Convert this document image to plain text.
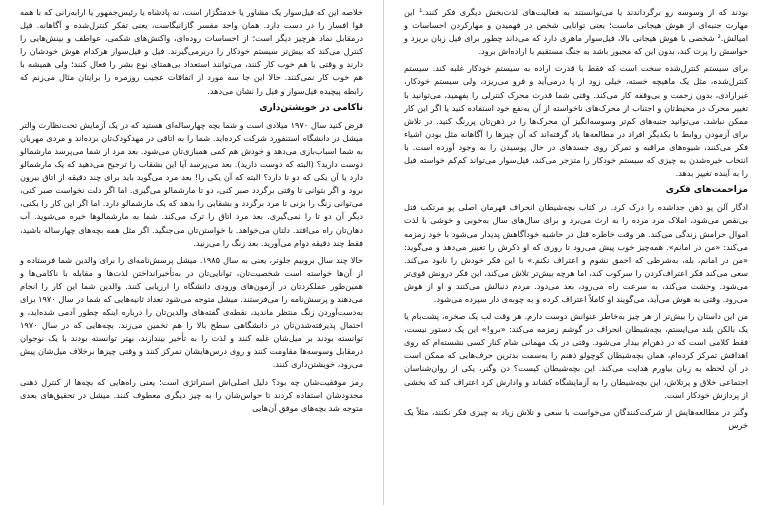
خلاصه این که فیل‌سوار یک مشاور یا خدمتگزار است، نه پادشاه یا رئیس‌جمهور یا ارابه‌رانی که با همه قوا افسار را در دست دارد. همان واحد مفسر گازانیگاست، یعنی تفکر کنترل‌شده و آگاهانه. فیل درمقابل نماد هرچیز دیگر است؛ از احساسات روده‌ای، واکنش‌های شکمی، عواطف و بینش‌هایی را کنترل می‌کند که بیش‌تر سیستم خودکار را دربرمی‌گیرند. فیل و فیل‌سوار هرکدام هوش خودشان را دارند و وقتی با هم خوب کار کنند، می‌توانند استعداد بی‌همتای نوع بشر را فعال کنند؛ ولی همیشه با هم خوب کار نمی‌کنند. حالا این جا سه مورد از اتفاقات عجیب روزمره را برایتان مثال می‌زنم که رابطه پیچیده فیل‌سوار و فیل را نشان می‌دهد.

ناکامی در خویشتن‌داری

فرض کنید سال ۱۹۷۰ میلادی است و شما بچه چهارساله‌ای هستید که در یک آزمایش تحت‌نظارت والتر میشل در دانشگاه استنفورد شرکت کرده‌اید. شما را به اتاقی در مهدکودک‌تان برده‌اند و مردی مهربان به شما اسباب‌بازی می‌دهد و خودش هم کمی همبازی‌تان می‌شود. بعد مرد از شما می‌پرسد مارشمالو دوست دارید؟ (البته که دوست دارید). بعد می‌پرسد آیا این بشقاب را ترجیح می‌دهید که یک مارشمالو دارد یا آن یکی که دو تا دارد؟ البته که آن یکی را! بعد مرد می‌گوید باید برای چند دقیقه از اتاق بیرون برود و اگر بتوانی تا وقتی برگردد صبر کنی، دو تا مارشمالو می‌گیری. اما اگر دلت نخواست صبر کنی، می‌توانی زنگ را بزنی تا مرد برگردد و بشقابی را بدهد که یک مارشمالو دارد. اما اگر این کار را بکنی، دیگر آن دو تا را نمی‌گیری. بعد مرد اتاق را ترک می‌کند. شما به مارشمالوها خیره می‌شوید. آب دهان‌تان راه می‌افتد. دلتان می‌خواهد. با خواستن‌تان می‌جنگید. اگر مثل همه بچه‌های چهارساله باشید، فقط چند دقیقه دوام می‌آورید. بعد زنگ را می‌زنید.

حالا چند سال بروبیم جلوتر، یعنی به سال ۱۹۸۵. میشل پرسش‌نامه‌ای را برای والدین شما فرستاده و از آن‌ها خواسته است شخصیت‌تان، توانایی‌تان در به‌تأخیرانداختن لذت‌ها و مقابله با ناکامی‌ها و همین‌طور عملکردتان در آزمون‌های ورودی دانشگاه را ارزیابی کنند. والدین شما این کار را انجام می‌دهند و پرسش‌نامه را می‌فرستند. میشل متوجه می‌شود تعداد ثانیه‌هایی که شما در سال ۱۹۷۰ برای به‌دست‌آوردن زنگ منتظر ماندید، نقطه‌ی گفته‌های والدین‌تان را درباره اینکه چطور آدمی شده‌اید، و احتمال پذیرفته‌شدن‌تان در دانشگاهی سطح بالا را هم تخمین می‌زند. بچه‌هایی که در سال ۱۹۷۰ توانسته بودند بر میل‌شان غلبه کنند و لذت را به تأخیر بیندازند، بهتر توانسته بودند با یک نوجوان درمقابل وسوسه‌ها مقاومت کنند و روی درس‌هایشان تمرکز کنند و وقتی چیزها برخلاف میل‌شان پیش می‌رود، خویشتن‌داری کنند.

رمز موفقیت‌شان چه بود؟ دلیل اصلی‌اش استراتژی است؛ یعنی راه‌هایی که بچه‌ها از کنترل ذهنی محدودشان استفاده کردند تا حواس‌شان را به چیز دیگری معطوف کنند. میشل در تحقیق‌های بعدی متوجه شد بچه‌های موفق آن‌هایی

بودند که از وسوسه رو برگرداندند یا می‌توانستند به فعالیت‌های لذت‌بخش دیگری فکر کنند.¹ این مهارت جنبه‌ای از هوش هیجانی ماست؛ یعنی توانایی شخص در فهمیدن و مهارکردن احساسات و امیالش.² شخصی با هوش هیجانی بالا، فیل‌سوار ماهری دارد که می‌داند چطور برای فیل زبان بریزد و حواسش را پرت کند، بدون این که مجبور باشد به جنگ مستقیم با اراده‌اش برود.

برای سیستم کنترل‌شده سخت است که فقط با قدرت اراده به سیستم خودکار غلبه کند. سیستم کنترل‌شده، مثل یک ماهیچه خسته، خیلی زود از پا درمی‌آید و فرو می‌ریزد، ولی سیستم خودکار، غیرارادی، بدون زحمت و بی‌وقفه کار می‌کند. وقتی شما قدرت محرک کنترلی را بفهمید، می‌توانید با تغییر محرک در محیط‌تان و اجتناب از محرک‌های ناخواسته از آن به‌نفع خود استفاده کنید یا اگر این کار ممکن نباشد، می‌توانید جنبه‌های کم‌تر وسوسه‌انگیز آن محرک‌ها را در ذهن‌تان پررنگ کنید. در تلاش برای آزمودن روابط با یکدیگر افراد در مطالعه‌ها یاد گرفته‌اند که آن چیزها را آگاهانه مثل بودن اشیاء فکر می‌کنند، شیوه‌های مراقبه و تمرکز روی جسدهای در حال پوسیدن را به وجود آورده است. با انتخاب خیره‌شدن به چیزی که سیستم خودکار را متزجر می‌کند، فیل‌سوار می‌تواند کم‌کم خواسته فیل را به آینده تغییر بدهد.

مزاحمت‌های فکری

ادگار آلن پو ذهن جداشده را درک کرد. در کتاب بچه‌شیطان انحراف قهرمان اصلی پو مرتکب قتل بی‌نقص می‌شود، املاک مرد مرده را به ارث می‌برد و برای سال‌های سال به‌خوبی و خوشی با لذت اموال حرامش زندگی می‌کند. هر وقت خاطره قتل در حاشیه خودآگاهش پدیدار می‌شود با خود زمزمه می‌کند: «من در امانم». همه‌چیز خوب پیش می‌رود تا روزی که او ذکرش را تغییر می‌دهد و می‌گوید: «من در امانم، بله، به‌شرطی که احمق نشوم و اعتراف نکنم.» با این فکر خودش را نابود می‌کند. سعی می‌کند فکر اعتراف‌کردن را سرکوب کند، اما هرچه بیش‌تر تلاش می‌کند، این فکر درونش قوی‌تر می‌شود. وحشت می‌کند، به سرعت راه می‌رود، بعد می‌دود. مردم دنبالش می‌کنند و او از هوش می‌رود. وقتی به هوش می‌آید، می‌گویند او کاملاً اعتراف کرده و به چوبه‌ی دار سپرده می‌شود.

من این داستان را بیش‌تر از هر چیز به‌خاطر عنوانش دوست دارم. هر وقت لب یک صخره، پشت‌بام یا یک بالکن بلند می‌ایستم، بچه‌شیطان انحراف در گوشم زمزمه می‌کند: «برو!» این یک دستور نیست، فقط کلامی است که در ذهن‌ام بیدار می‌شود. وقتی در یک مهمانی شام کنار کسی نشسته‌ام که روی اهدافش تمرکز کرده‌ام، همان بچه‌شیطان کوچولو ذهنم را به‌سمت بدترین حرف‌هایی که ممکن است در آن لحظه به زبان بیاورم هدایت می‌کند. این بچه‌شیطان کیست؟ دن وگنر، یکی از روان‌شناسان اجتماعی خلاق و پرتلاش، این بچه‌شیطان را به آزمایشگاه کشاند و وادارش کرد اعتراف کند که بخشی از پردازش خودکار است.

وگنر در مطالعه‌هایش از شرکت‌کنندگان می‌خواست با سعی و تلاش زیاد به چیزی فکر نکنند، مثلاً یک خرس
